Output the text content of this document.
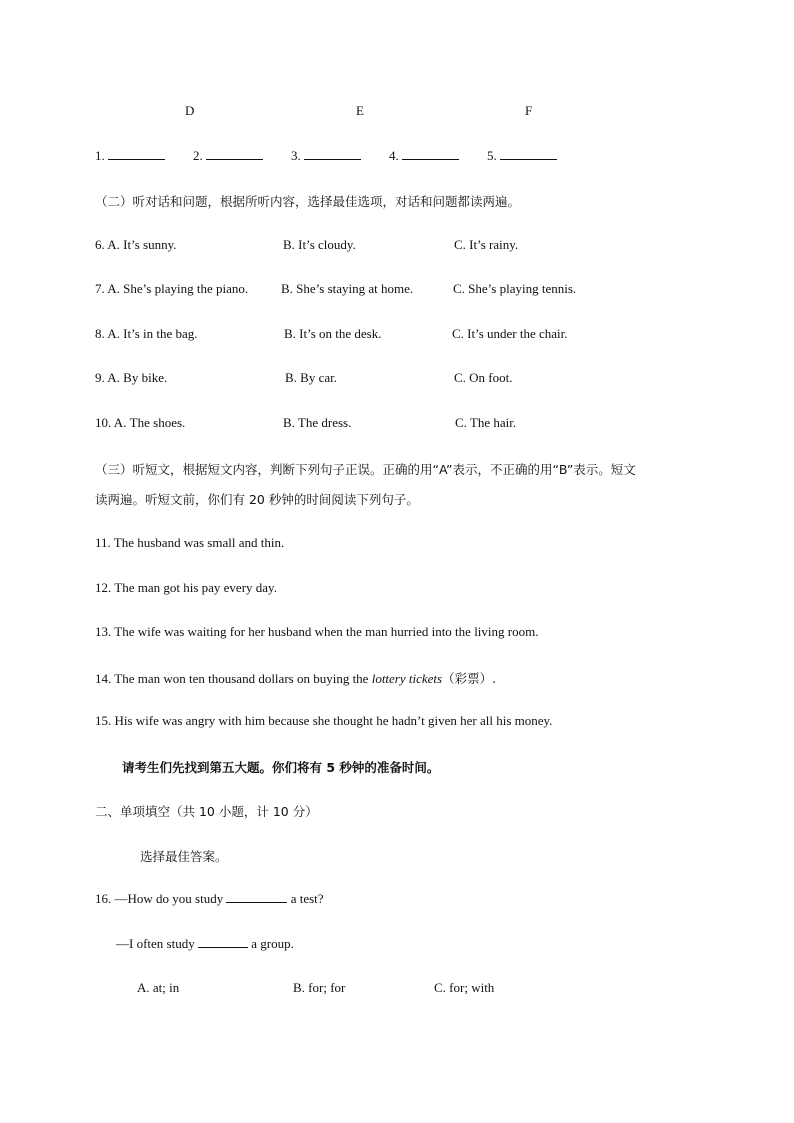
D	E	F
1.	2.	3.	4.	5.
（二）听对话和问题，根据所听内容，选择最佳选项，对话和问题都读两遍。
6. A. It’s sunny.	B. It’s cloudy.	C. It’s rainy.
7. A. She’s playing the piano.	B. She’s staying at home.	C. She’s playing tennis.
8. A. It’s in the bag.	B. It’s on the desk.	C. It’s under the chair.
9. A. By bike.	B. By car.	C. On foot.
10. A. The shoes.	B. The dress.	C. The hair.
（三）听短文，根据短文内容，判断下列句子正误。正确的用“A”表示，不正确的用“B”表示。短文
读两遍。听短文前，你们有 20 秒钟的时间阅读下列句子。
11. The husband was small and thin.
12. The man got his pay every day.
13. The wife was waiting for her husband when the man hurried into the living room.
14. The man won ten thousand dollars on buying the lottery tickets（彩票）.
15. His wife was angry with him because she thought he hadn’t given her all his money.
请考生们先找到第五大题。你们将有 5 秒钟的准备时间。
二、单项填空（共 10 小题，计 10 分）
选择最佳答案。
16. —How do you study	a test?
—I often study	a group.
A. at; in	B. for; for	C. for; with
